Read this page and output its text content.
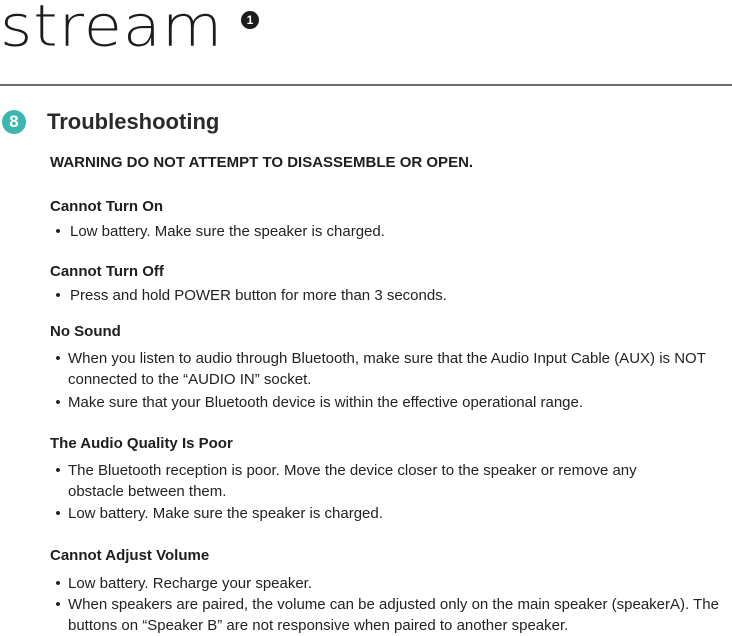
stream	1
8	Troubleshooting
WARNING DO NOT ATTEMPT TO DISASSEMBLE OR OPEN.
Cannot Turn On
• Low battery. Make sure the speaker is charged.
Cannot Turn Off
• Press and hold POWER button for more than 3 seconds.
No Sound
• When you listen to audio through Bluetooth, make sure that the Audio Input Cable (AUX) is NOT connected to the “AUDIO IN” socket.
• Make sure that your Bluetooth device is within the effective operational range.
The Audio Quality Is Poor
• The Bluetooth reception is poor. Move the device closer to the speaker or remove any obstacle between them.
• Low battery. Make sure the speaker is charged.
Cannot Adjust Volume
• Low battery. Recharge your speaker.
• When speakers are paired, the volume can be adjusted only on the main speaker (speakerA). The buttons on “Speaker B” are not responsive when paired to another speaker.
